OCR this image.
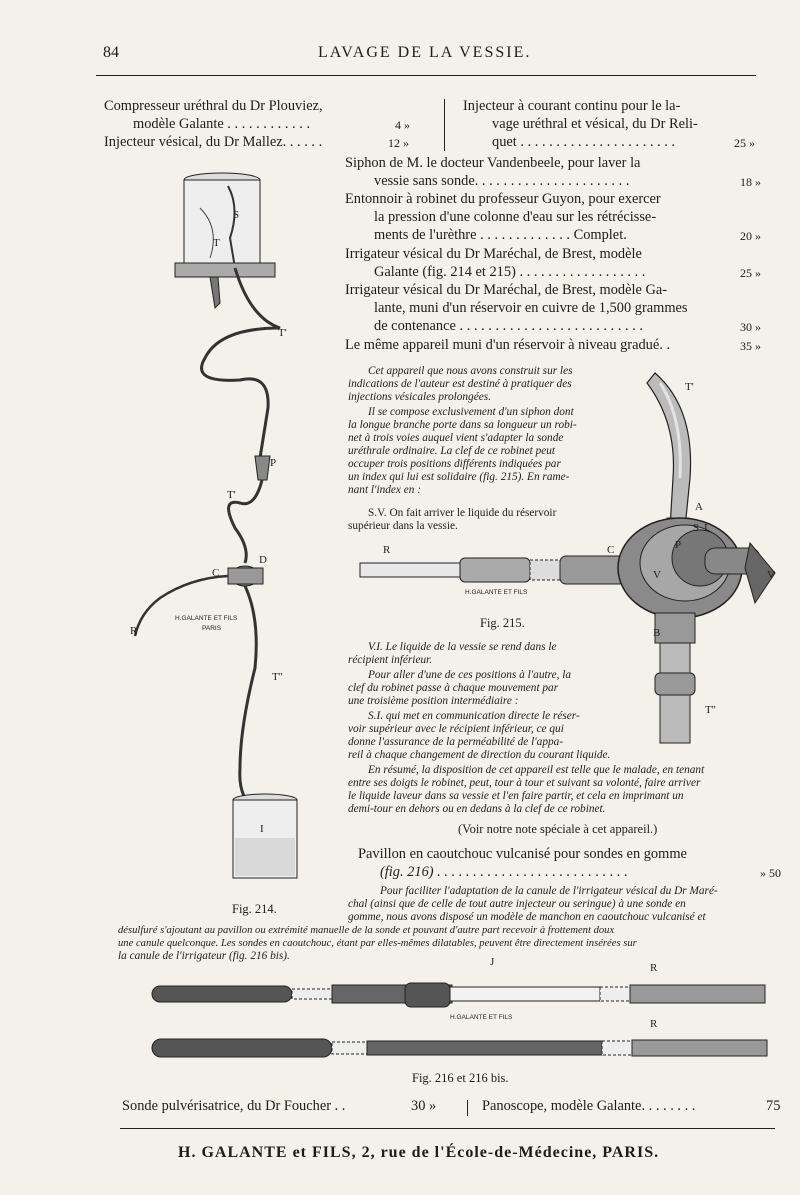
84	LAVAGE DE LA VESSIE.
Compresseur uréthral du Dr Plouviez,
modèle Galante . . . . . . . . . . . .	4 »
Injecteur vésical, du Dr Mallez. . . . . .	12 »
Injecteur à courant continu pour le la-
vage uréthral et vésical, du Dr Reli-
quet . . . . . . . . . . . . . . . . . . . . . .	25 »
Siphon de M. le docteur Vandenbeele, pour laver la
vessie sans sonde. . . . . . . . . . . . . . . . . . . . . .	18 »
Entonnoir à robinet du professeur Guyon, pour exercer
la pression d'une colonne d'eau sur les rétrécisse-
ments de l'urèthre . . . . . . . . . . . . . Complet.	20 »
Irrigateur vésical du Dr Maréchal, de Brest, modèle
Galante (fig. 214 et 215) . . . . . . . . . . . . . . . . . .	25 »
Irrigateur vésical du Dr Maréchal, de Brest, modèle Ga-
lante, muni d'un réservoir en cuivre de 1,500 grammes
de contenance . . . . . . . . . . . . . . . . . . . . . . . . . .	30 »
Le même appareil muni d'un réservoir à niveau gradué. .	35 »
Cet appareil que nous avons construit sur les
indications de l'auteur est destiné à pratiquer des
injections vésicales prolongées.
Il se compose exclusivement d'un siphon dont
la longue branche porte dans sa longueur un robi-
net à trois voies auquel vient s'adapter la sonde
uréthrale ordinaire. La clef de ce robinet peut
occuper trois positions différents indiquées par
un index qui lui est solidaire (fig. 215). En rame-
nant l'index en :
S.V. On fait arriver le liquide du réservoir
supérieur dans la vessie.
T'
R	C
A
B
V
T''
H.GALANTE ET FILS
S I
P
V
Fig. 215.
V.I. Le liquide de la vessie se rend dans le
récipient inférieur.
Pour aller d'une de ces positions à l'autre, la
clef du robinet passe à chaque mouvement par
une troisième position intermédiaire :
S.I. qui met en communication directe le réser-
voir supérieur avec le récipient inférieur, ce qui
donne l'assurance de la perméabilité de l'appa-
reil à chaque changement de direction du courant liquide.
En résumé, la disposition de cet appareil est telle que le malade, en tenant
entre ses doigts le robinet, peut, tour à tour et suivant sa volonté, faire arriver
le liquide laveur dans sa vessie et l'en faire partir, et cela en imprimant un
demi-tour en dehors ou en dedans à la clef de ce robinet.
(Voir notre note spéciale à cet appareil.)
Pavillon en caoutchouc vulcanisé pour sondes en gomme
(fig. 216) . . . . . . . . . . . . . . . . . . . . . . . . . . .	» 50
Pour faciliter l'adaptation de la canule de l'irrigateur vésical du Dr Maré-
chal (ainsi que de celle de tout autre injecteur ou seringue) à une sonde en
gomme, nous avons disposé un modèle de manchon en caoutchouc vulcanisé et
désulfuré s'ajoutant au pavillon ou extrémité manuelle de la sonde et pouvant d'autre part recevoir à frottement doux
une canule quelconque. Les sondes en caoutchouc, étant par elles-mêmes dilatables, peuvent être directement insérées sur
la canule de l'irrigateur (fig. 216 bis).
S
T
T'
P
T'
D
C
R
T''
I
H.GALANTE ET FILS
PARIS
Fig. 214.
J	R
R
H.GALANTE ET FILS
Fig. 216 et 216 bis.
Sonde pulvérisatrice, du Dr Foucher . .	30 »	Panoscope, modèle Galante. . . . . . . .	75
H. GALANTE et FILS, 2, rue de l'École-de-Médecine, PARIS.
